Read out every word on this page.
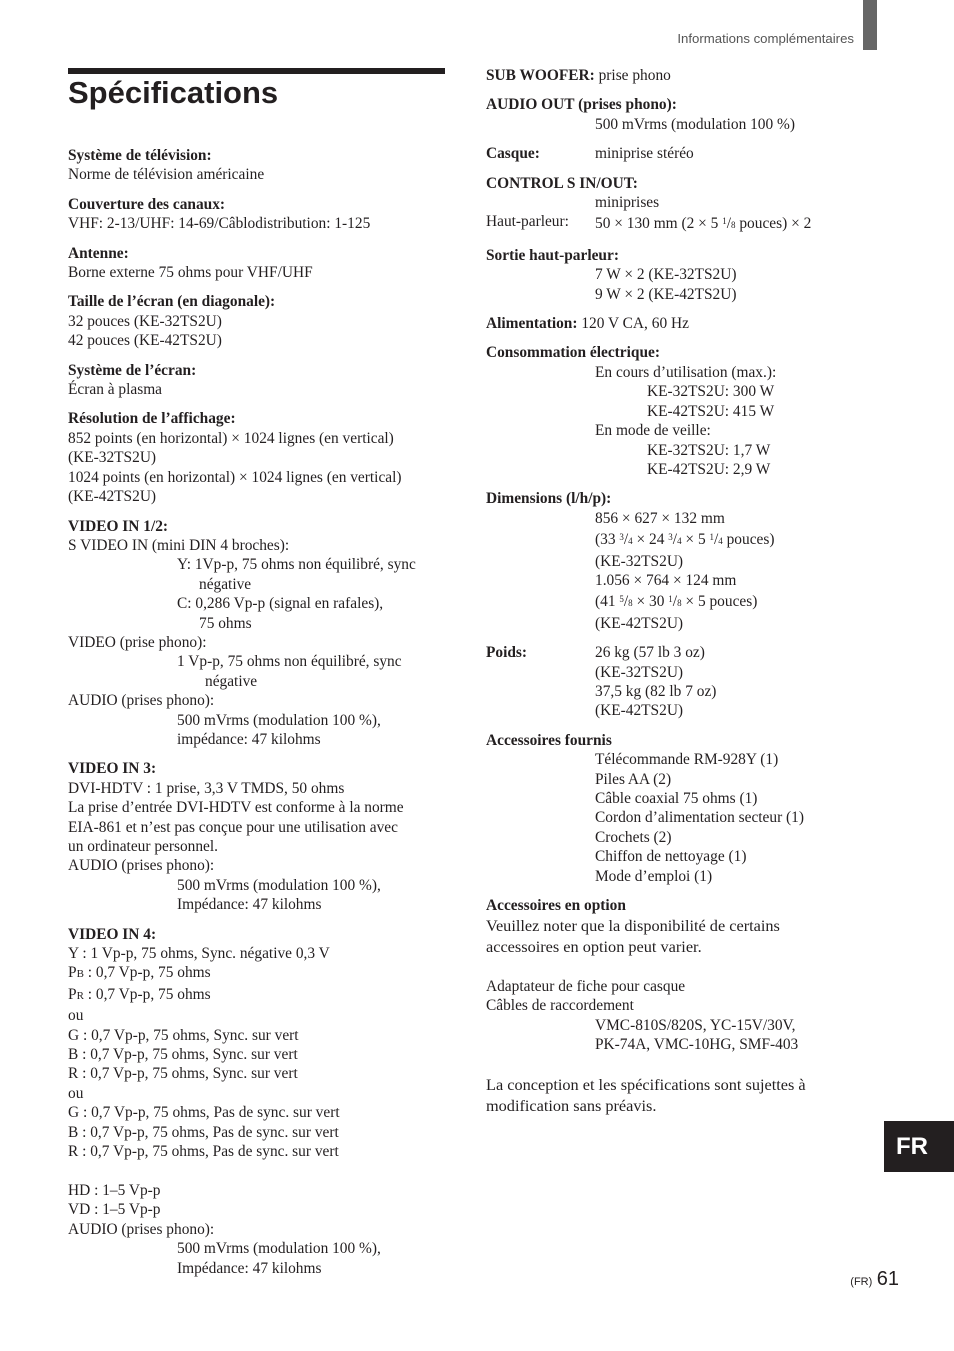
Informations complémentaires
Spécifications
Système de télévision:
Norme de télévision américaine
Couverture des canaux:
VHF: 2-13/UHF: 14-69/Câblodistribution: 1-125
Antenne:
Borne externe 75 ohms pour VHF/UHF
Taille de l’écran (en diagonale):
32 pouces (KE-32TS2U)
42 pouces (KE-42TS2U)
Système de l’écran:
Écran à plasma
Résolution de l’affichage:
852 points (en horizontal) × 1024 lignes (en vertical)
(KE-32TS2U)
1024 points (en horizontal) × 1024 lignes (en vertical)
(KE-42TS2U)
VIDEO IN 1/2:
S VIDEO IN (mini DIN 4 broches):
Y: 1Vp-p, 75 ohms non équilibré, sync
négative
C: 0,286 Vp-p (signal en rafales),
75 ohms
VIDEO (prise phono):
1 Vp-p, 75 ohms non équilibré, sync
négative
AUDIO (prises phono):
500 mVrms (modulation 100 %),
impédance: 47 kilohms
VIDEO IN 3:
DVI-HDTV : 1 prise, 3,3 V TMDS, 50 ohms
La prise d’entrée DVI-HDTV est conforme à la norme
EIA-861 et n’est pas conçue pour une utilisation avec
un ordinateur personnel.
AUDIO (prises phono):
500 mVrms (modulation 100 %),
Impédance: 47 kilohms
VIDEO IN 4:
Y : 1 Vp-p, 75 ohms, Sync. négative 0,3 V
PB : 0,7 Vp-p, 75 ohms
PR : 0,7 Vp-p, 75 ohms
ou
G : 0,7 Vp-p, 75 ohms, Sync. sur vert
B : 0,7 Vp-p, 75 ohms, Sync. sur vert
R : 0,7 Vp-p, 75 ohms, Sync. sur vert
ou
G : 0,7 Vp-p, 75 ohms, Pas de sync. sur vert
B : 0,7 Vp-p, 75 ohms, Pas de sync. sur vert
R : 0,7 Vp-p, 75 ohms, Pas de sync. sur vert
HD : 1–5 Vp-p
VD : 1–5 Vp-p
AUDIO (prises phono):
500 mVrms (modulation 100 %),
Impédance: 47 kilohms
SUB WOOFER: prise phono
AUDIO OUT (prises phono):
500 mVrms (modulation 100 %)
Casque:	miniprise stéréo
CONTROL S IN/OUT:
miniprises
Haut-parleur:	50 × 130 mm (2 × 5 $^1$/8 pouces) × 2
Sortie haut-parleur:
7 W × 2 (KE-32TS2U)
9 W × 2 (KE-42TS2U)
Alimentation: 120 V CA, 60 Hz
Consommation électrique:
En cours d’utilisation (max.):
KE-32TS2U: 300 W
KE-42TS2U: 415 W
En mode de veille:
KE-32TS2U: 1,7 W
KE-42TS2U: 2,9 W
Dimensions (l/h/p):
856 × 627 × 132 mm
(33 $^3$/4 × 24 $^3$/4 × 5 $^1$/4 pouces)
(KE-32TS2U)
1.056 × 764 × 124 mm
(41 $^5$/8 × 30 $^1$/8 × 5 pouces)
(KE-42TS2U)
Poids:	26 kg (57 lb 3 oz)
(KE-32TS2U)
37,5 kg (82 lb 7 oz)
(KE-42TS2U)
Accessoires fournis
Télécommande RM-928Y (1)
Piles AA (2)
Câble coaxial 75 ohms (1)
Cordon d’alimentation secteur (1)
Crochets (2)
Chiffon de nettoyage (1)
Mode d’emploi (1)
Accessoires en option
Veuillez noter que la disponibilité de certains
accessoires en option peut varier.
Adaptateur de fiche pour casque
Câbles de raccordement
VMC-810S/820S, YC-15V/30V,
PK-74A, VMC-10HG, SMF-403
La conception et les spécifications sont sujettes à
modification sans préavis.
FR
(FR) 61
